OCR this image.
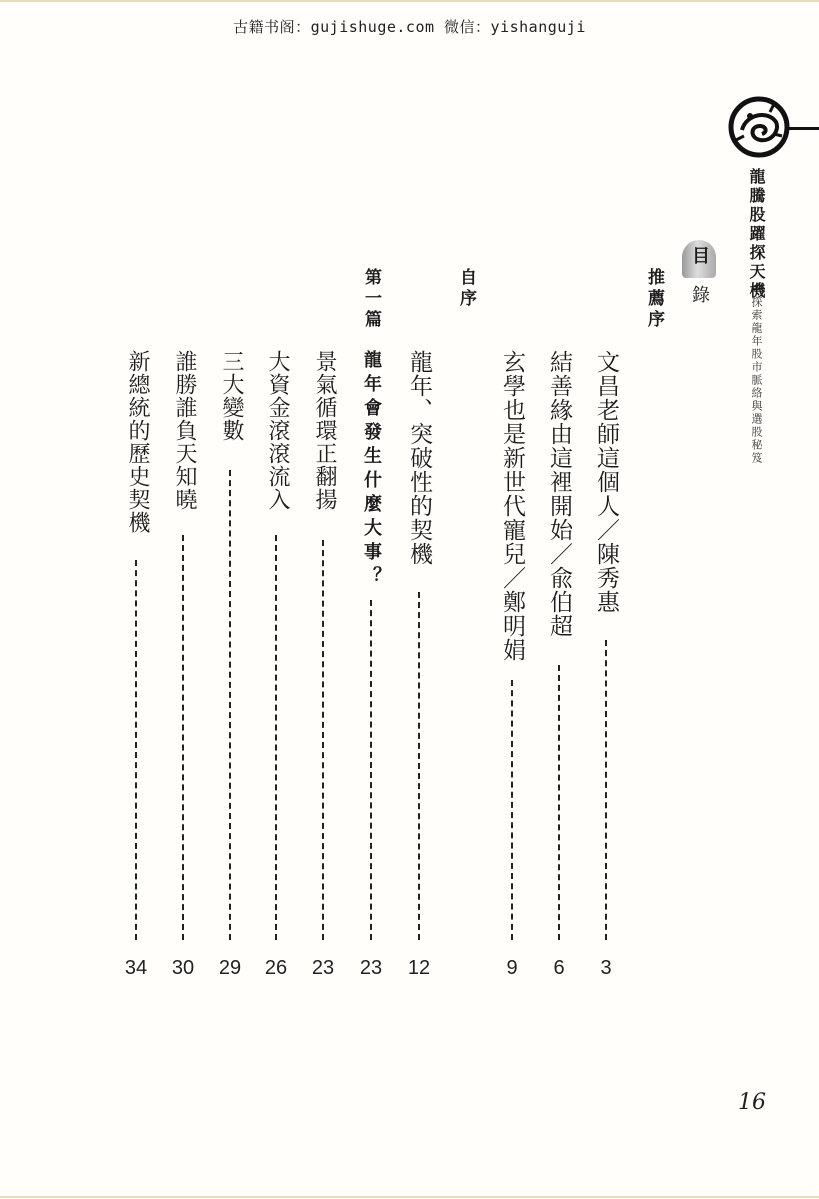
古籍书阁：gujishuge.com 微信：yishanguji
龍騰股躍探天機
探索龍年股市脈絡與選股秘笈
目
錄
推薦序
文昌老師這個人／陳秀惠
3
結善緣由這裡開始／兪伯超
6
玄學也是新世代寵兒／鄭明娟
9
自序
龍年、突破性的契機
12
第一篇
龍年會發生什麼大事？
23
景氣循環正翻揚
23
大資金滾滾流入
26
三大變數
29
誰勝誰負天知曉
30
新總統的歷史契機
34
16
